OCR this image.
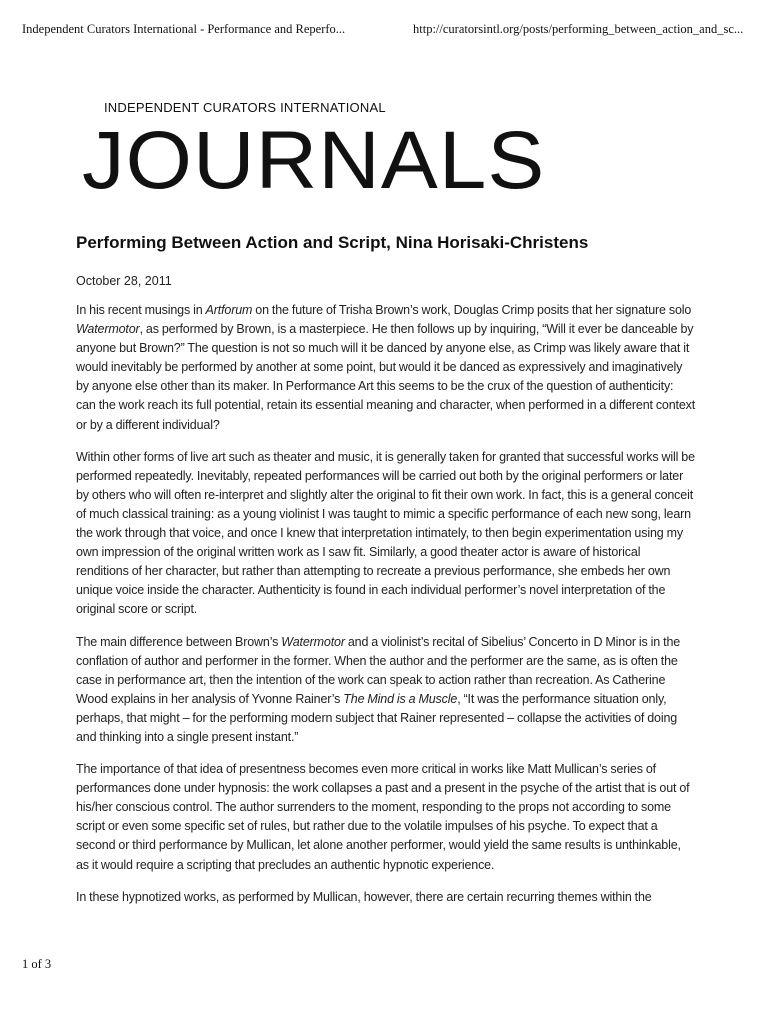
Independent Curators International - Performance and Reperfo...	http://curatorsintl.org/posts/performing_between_action_and_sc...
INDEPENDENT CURATORS INTERNATIONAL
JOURNALS
Performing Between Action and Script, Nina Horisaki-Christens
October 28, 2011

In his recent musings in Artforum on the future of Trisha Brown’s work, Douglas Crimp posits that her signature solo Watermotor, as performed by Brown, is a masterpiece. He then follows up by inquiring, “Will it ever be danceable by anyone but Brown?” The question is not so much will it be danced by anyone else, as Crimp was likely aware that it would inevitably be performed by another at some point, but would it be danced as expressively and imaginatively by anyone else other than its maker. In Performance Art this seems to be the crux of the question of authenticity: can the work reach its full potential, retain its essential meaning and character, when performed in a different context or by a different individual?

Within other forms of live art such as theater and music, it is generally taken for granted that successful works will be performed repeatedly. Inevitably, repeated performances will be carried out both by the original performers or later by others who will often re-interpret and slightly alter the original to fit their own work. In fact, this is a general conceit of much classical training: as a young violinist I was taught to mimic a specific performance of each new song, learn the work through that voice, and once I knew that interpretation intimately, to then begin experimentation using my own impression of the original written work as I saw fit. Similarly, a good theater actor is aware of historical renditions of her character, but rather than attempting to recreate a previous performance, she embeds her own unique voice inside the character. Authenticity is found in each individual performer’s novel interpretation of the original score or script.

The main difference between Brown’s Watermotor and a violinist’s recital of Sibelius’ Concerto in D Minor is in the conflation of author and performer in the former. When the author and the performer are the same, as is often the case in performance art, then the intention of the work can speak to action rather than recreation. As Catherine Wood explains in her analysis of Yvonne Rainer’s The Mind is a Muscle, “It was the performance situation only, perhaps, that might – for the performing modern subject that Rainer represented – collapse the activities of doing and thinking into a single present instant.”

The importance of that idea of presentness becomes even more critical in works like Matt Mullican’s series of performances done under hypnosis: the work collapses a past and a present in the psyche of the artist that is out of his/her conscious control. The author surrenders to the moment, responding to the props not according to some script or even some specific set of rules, but rather due to the volatile impulses of his psyche. To expect that a second or third performance by Mullican, let alone another performer, would yield the same results is unthinkable, as it would require a scripting that precludes an authentic hypnotic experience.

In these hypnotized works, as performed by Mullican, however, there are certain recurring themes within the

1 of 3
